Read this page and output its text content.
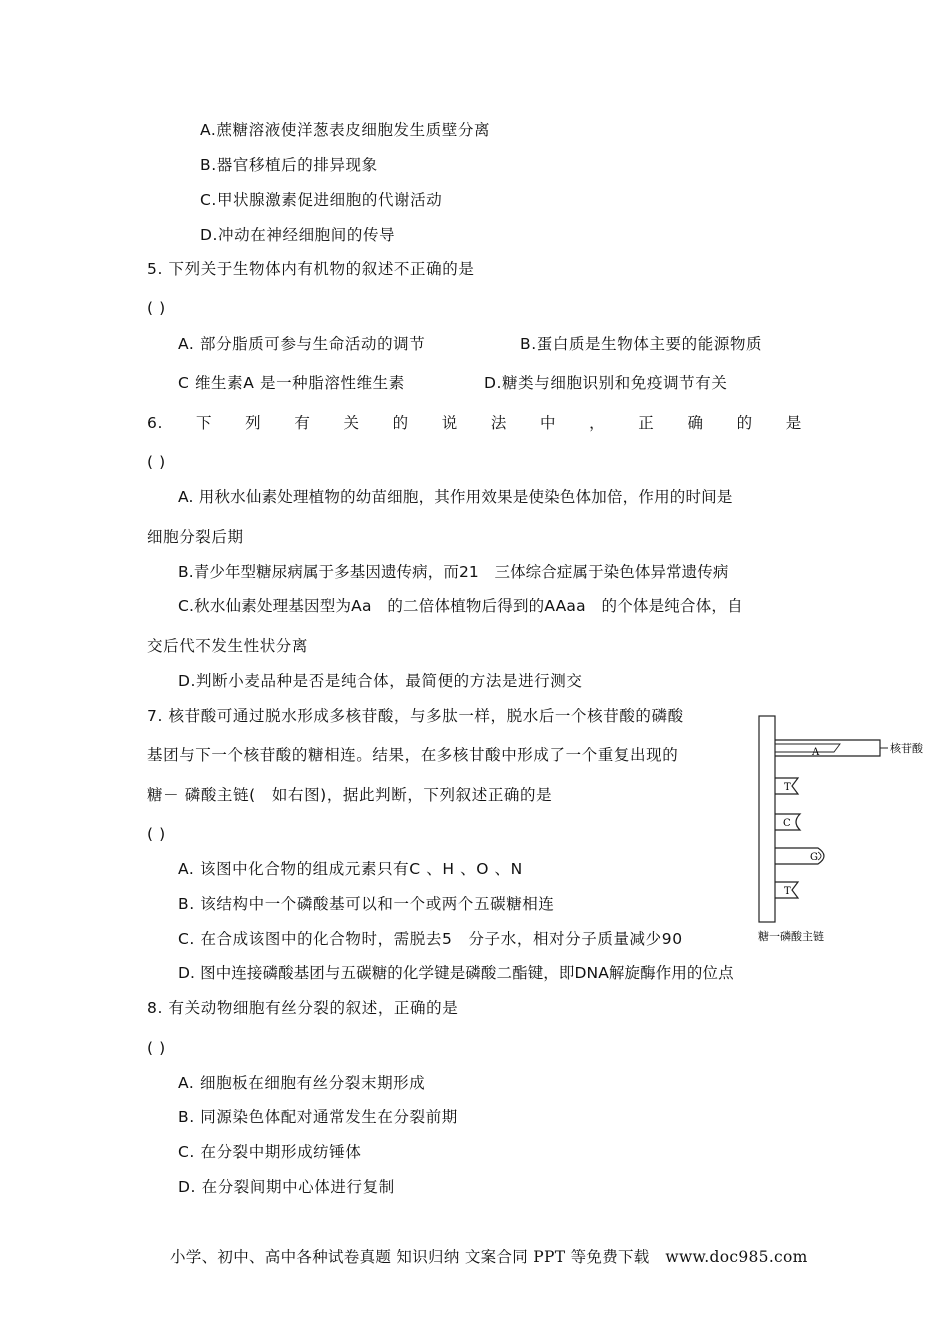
A.蔗糖溶液使洋葱表皮细胞发生质壁分离
B.器官移植后的排异现象
C.甲状腺激素促进细胞的代谢活动
D.冲动在神经细胞间的传导
5. 下列关于生物体内有机物的叙述不正确的是
( )
A. 部分脂质可参与生命活动的调节	B.蛋白质是生物体主要的能源物质
C 维生素A 是一种脂溶性维生素	D.糖类与细胞识别和免疫调节有关
6. 下 列 有 关 的 说 法 中 ， 正 确 的 是
( )
A. 用秋水仙素处理植物的幼苗细胞，其作用效果是使染色体加倍，作用的时间是
细胞分裂后期
B.青少年型糖尿病属于多基因遗传病，而21　三体综合症属于染色体异常遗传病
C.秋水仙素处理基因型为Aa　的二倍体植物后得到的AAaa　的个体是纯合体，自
交后代不发生性状分离
D.判断小麦品种是否是纯合体，最简便的方法是进行测交
7. 核苷酸可通过脱水形成多核苷酸，与多肽一样，脱水后一个核苷酸的磷酸
基团与下一个核苷酸的糖相连。结果，在多核甘酸中形成了一个重复出现的
糖－ 磷酸主链(　如右图)，据此判断，下列叙述正确的是
( )
A. 该图中化合物的组成元素只有C 、H 、O 、N
B. 该结构中一个磷酸基可以和一个或两个五碳糖相连
C. 在合成该图中的化合物时，需脱去5　分子水，相对分子质量减少90
D. 图中连接磷酸基团与五碳糖的化学键是磷酸二酯键，即DNA解旋酶作用的位点
A	核苷酸
T
C
G
T
糖一磷酸主链
8. 有关动物细胞有丝分裂的叙述，正确的是
( )
A. 细胞板在细胞有丝分裂末期形成
B. 同源染色体配对通常发生在分裂前期
C. 在分裂中期形成纺锤体
D. 在分裂间期中心体进行复制
小学、初中、高中各种试卷真题 知识归纳 文案合同 PPT 等免费下载　www.doc985.com
